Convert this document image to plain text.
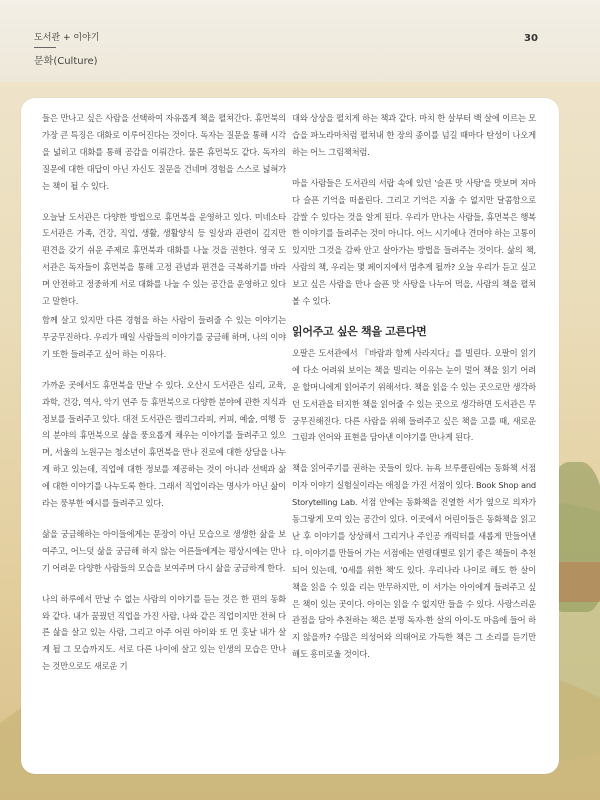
도서관 + 이야기
문화(Culture)
30

들은 만나고 싶은 사람을 선택하여 자유롭게 책을 펼쳐간다. 휴먼북의 가장 큰 특징은 대화로 이루어진다는 것이다. 독자는 질문을 통해 시각을 넓히고 대화를 통해 공감을 이뤄간다. 물론 휴먼북도 같다. 독자의 질문에 대한 대답이 아닌 자신도 질문을 건네며 경험을 스스로 넓혀가는 책이 될 수 있다.

오늘날 도서관은 다양한 방법으로 휴먼북을 운영하고 있다. 미네소타 도서관은 가족, 건강, 직업, 생활, 생활양식 등 일상과 관련이 깊지만 편견을 갖기 쉬운 주제로 휴먼북과 대화를 나눌 것을 권한다. 영국 도서관은 독자들이 휴먼북을 통해 고정 관념과 편견을 극복하기를 바라며 안전하고 정중하게 서로 대화를 나눌 수 있는 공간을 운영하고 있다고 말한다.

함께 살고 있지만 다른 경험을 하는 사람이 들려줄 수 있는 이야기는 무궁무진하다. 우리가 매일 사람들의 이야기를 궁금해 하며, 나의 이야기 또한 들려주고 싶어 하는 이유다.

가까운 곳에서도 휴먼북을 만날 수 있다. 오산시 도서관은 심리, 교육, 과학, 건강, 역사, 악기 연주 등 휴먼북으로 다양한 분야에 관한 지식과 정보를 들려주고 있다. 대전 도서관은 캘리그라피, 커피, 예술, 여행 등의 분야의 휴먼북으로 삶을 풍요롭게 채우는 이야기를 들려주고 있으며, 서울의 노원구는 청소년이 휴먼북을 만나 진로에 대한 상담을 나누게 하고 있는데, 직업에 대한 정보를 제공하는 것이 아니라 선택과 삶에 대한 이야기를 나누도록 한다. 그래서 직업이라는 명사가 아닌 삶이라는 풍부한 예시를 들려주고 있다.

삶을 궁금해하는 아이들에게는 문장이 아닌 모습으로 생생한 삶을 보여주고, 어느덧 삶을 궁금해 하지 않는 어른들에게는 평상시에는 만나기 어려운 다양한 사람들의 모습을 보여주며 다시 삶을 궁금하게 한다.

나의 하루에서 만날 수 없는 사람의 이야기를 듣는 것은 한 편의 동화와 같다. 내가 꿈꿨던 직업을 가진 사람, 나와 같은 직업이지만 전혀 다른 삶을 살고 있는 사람, 그리고 아주 어린 아이와 또 먼 훗날 내가 살게 될 그 모습까지도. 서로 다른 나이에 살고 있는 인생의 모습은 만나는 것만으로도 새로운 기

대와 상상을 펼치게 하는 책과 같다. 마치 한 살부터 백 살에 이르는 모습을 파노라마처럼 펼쳐내 한 장의 종이를 넘길 때마다 탄성이 나오게 하는 어느 그림책처럼.

마을 사람들은 도서관의 서랍 속에 있던 '슬픈 맛 사탕'을 맛보며 저마다 슬픈 기억을 떠올린다. 그리고 기억은 지울 수 없지만 달콤함으로 감쌀 수 있다는 것을 알게 된다. 우리가 만나는 사람들, 휴먼북은 행복한 이야기를 들려주는 것이 아니다. 어느 시기에나 견뎌야 하는 고통이 있지만 그것을 감싸 안고 살아가는 방법을 들려주는 것이다. 삶의 책, 사람의 책, 우리는 몇 페이지에서 멈추게 될까? 오늘 우리가 듣고 싶고 보고 싶은 사람을 만나 슬픈 맛 사탕을 나누어 먹을, 사람의 책을 펼쳐볼 수 있다.

읽어주고 싶은 책을 고른다면

오팔은 도서관에서 『바람과 함께 사라지다』를 빌린다. 오팔이 읽기에 다소 어려워 보이는 책을 빌리는 이유는 눈이 멀어 책을 읽기 어려운 할머니에게 읽어주기 위해서다. 책을 읽을 수 있는 곳으로만 생각하던 도서관을 터지한 책을 읽어줄 수 있는 곳으로 생각하면 도서관은 무궁무진해진다. 다른 사람을 위해 들려주고 싶은 책을 고를 때, 새로운 그림과 언어와 표현을 담아낸 이야기를 만나게 된다.

책을 읽어주기를 권하는 곳들이 있다. 뉴욕 브루클린에는 동화책 서점이자 이야기 실험실이라는 애칭을 가진 서점이 있다. Book Shop and Storytelling Lab. 서점 안에는 동화책을 진열한 서가 옆으로 의자가 동그랗게 모여 있는 공간이 있다. 이곳에서 어린이들은 동화책을 읽고 난 후 이야기를 상상해서 그리거나 주인공 캐릭터를 새롭게 만들어낸다. 이야기를 만들어 가는 서점에는 연령대별로 읽기 좋은 책들이 추천되어 있는데, '0세를 위한 책'도 있다. 우리나라 나이로 해도 한 살이 책을 읽을 수 있을 리는 만무하지만, 이 서가는 아이에게 들려주고 싶은 책이 있는 곳이다. 아이는 읽을 수 없지만 들을 수 있다. 사랑스러운 관점을 담아 추천하는 책은 분명 독자-한 살의 아이-도 마음에 들어 하지 않을까? 수많은 의성어와 의태어로 가득한 책은 그 소리를 듣기만 해도 흥미로울 것이다.
